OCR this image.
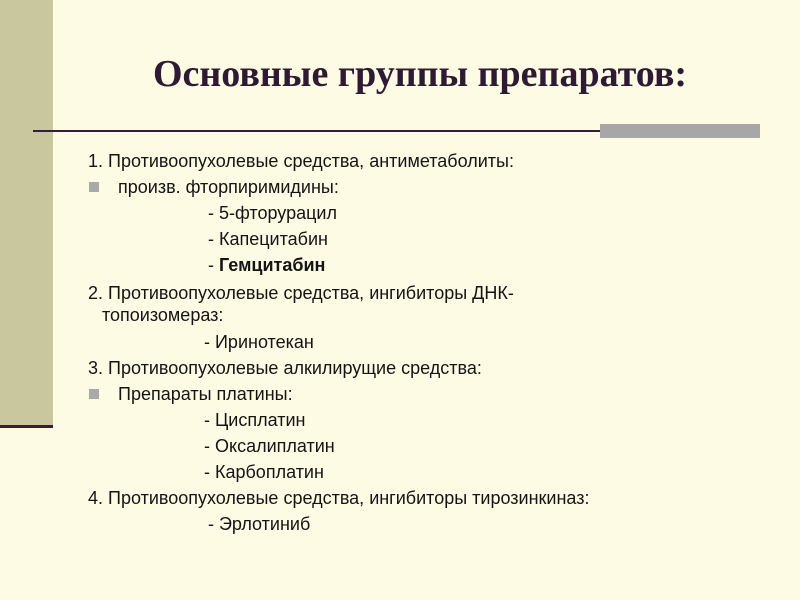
Основные группы препаратов:
1. Противоопухолевые средства, антиметаболиты:
произв. фторпиримидины:
- 5-фторурацил
- Капецитабин
- Гемцитабин
2. Противоопухолевые средства, ингибиторы ДНК-
топоизомераз:
- Иринотекан
3. Противоопухолевые алкилирущие средства:
Препараты платины:
- Цисплатин
- Оксалиплатин
- Карбоплатин
4. Противоопухолевые средства, ингибиторы тирозинкиназ:
- Эрлотиниб
